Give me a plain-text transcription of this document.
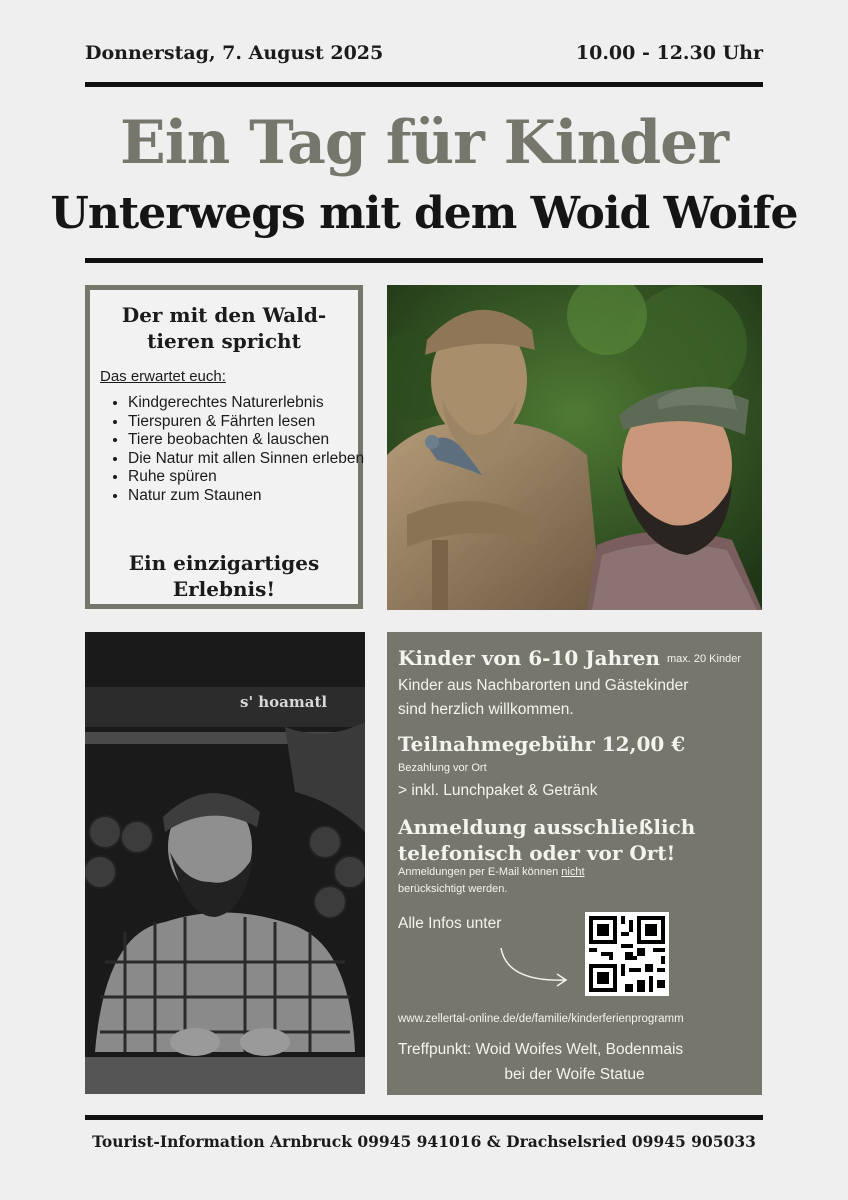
Donnerstag, 7. August 2025	10.00 - 12.30 Uhr
Ein Tag für Kinder
Unterwegs mit dem Woid Woife
Der mit den Wald-
tieren spricht
Das erwartet euch:
• Kindgerechtes Naturerlebnis
• Tierspuren & Fährten lesen
• Tiere beobachten & lauschen
• Die Natur mit allen Sinnen erleben
• Ruhe spüren
• Natur zum Staunen
Ein einzigartiges
Erlebnis!
s' hoamatl
Kinder von 6-10 Jahren max. 20 Kinder
Kinder aus Nachbarorten und Gästekinder
sind herzlich willkommen.
Teilnahmegebühr 12,00 €
Bezahlung vor Ort
> inkl. Lunchpaket & Getränk
Anmeldung ausschließlich
telefonisch oder vor Ort!
Anmeldungen per E-Mail können nicht
berücksichtigt werden.
Alle Infos unter
www.zellertal-online.de/de/familie/kinderferienprogramm
Treffpunkt: Woid Woifes Welt, Bodenmais
bei der Woife Statue
Tourist-Information Arnbruck 09945 941016 & Drachselsried 09945 905033
